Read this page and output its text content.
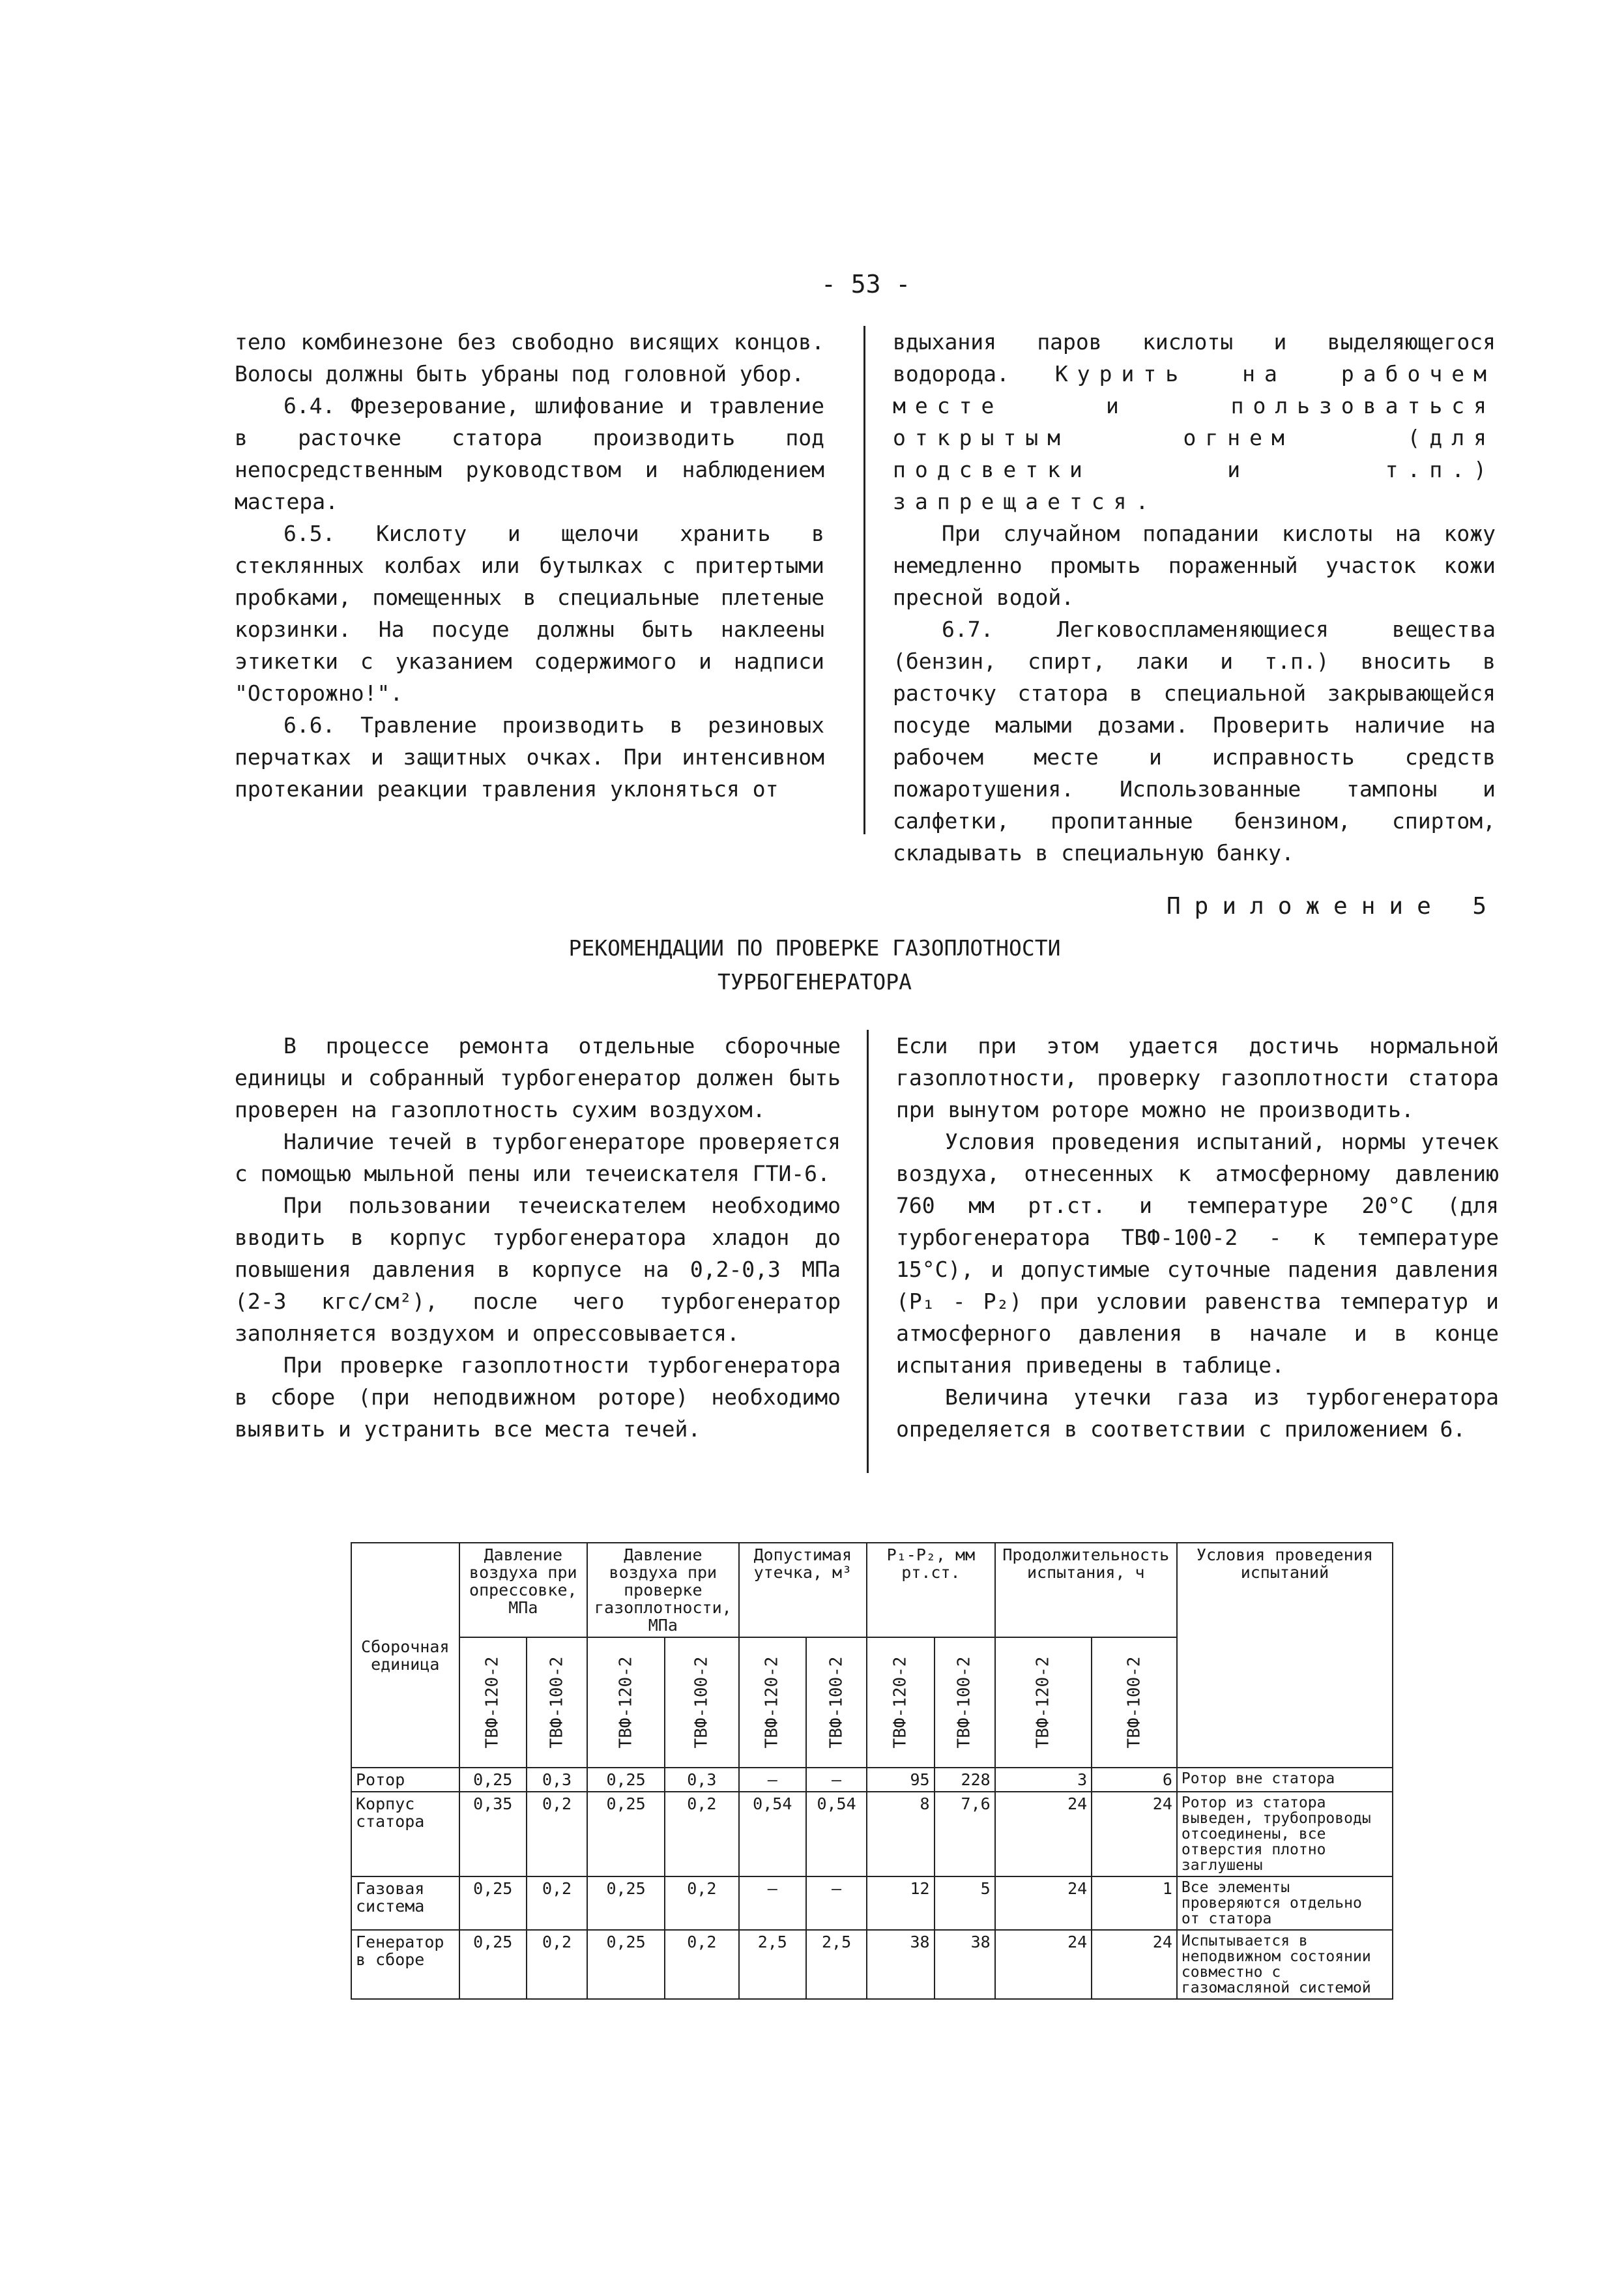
- 53 -

тело комбинезоне без свободно висящих концов. Волосы должны быть убраны под головной убор.

6.4. Фрезерование, шлифование и травление в расточке статора производить под непосредственным руководством и наблюдением мастера.

6.5. Кислоту и щелочи хранить в стеклянных колбах или бутылках с притертыми пробками, помещенных в специальные плетеные корзинки. На посуде должны быть наклеены этикетки с указанием содержимого и надписи "Осторожно!".

6.6. Травление производить в резиновых перчатках и защитных очках. При интенсивном протекании реакции травления уклоняться от

вдыхания паров кислоты и выделяющегося водорода. Курить на рабочем месте и пользоваться открытым огнем (для подсветки и т.п.) запрещается.

При случайном попадании кислоты на кожу немедленно промыть пораженный участок кожи пресной водой.

6.7. Легковоспламеняющиеся вещества (бензин, спирт, лаки и т.п.) вносить в расточку статора в специальной закрывающейся посуде малыми дозами. Проверить наличие на рабочем месте и исправность средств пожаротушения. Использованные тампоны и салфетки, пропитанные бензином, спиртом, складывать в специальную банку.

Приложение 5
РЕКОМЕНДАЦИИ ПО ПРОВЕРКЕ ГАЗОПЛОТНОСТИ
ТУРБОГЕНЕРАТОРА

В процессе ремонта отдельные сборочные единицы и собранный турбогенератор должен быть проверен на газоплотность сухим воздухом.

Наличие течей в турбогенераторе проверяется с помощью мыльной пены или течеискателя ГТИ-6.

При пользовании течеискателем необходимо вводить в корпус турбогенератора хладон до повышения давления в корпусе на 0,2-0,3 МПа (2-3 кгс/см²), после чего турбогенератор заполняется воздухом и опрессовывается.

При проверке газоплотности турбогенератора в сборе (при неподвижном роторе) необходимо выявить и устранить все места течей.

Если при этом удается достичь нормальной газоплотности, проверку газоплотности статора при вынутом роторе можно не производить.

Условия проведения испытаний, нормы утечек воздуха, отнесенных к атмосферному давлению 760 мм рт.ст. и температуре 20°С (для турбогенератора ТВФ-100-2 - к температуре 15°С), и допустимые суточные падения давления (P₁ - P₂) при условии равенства температур и атмосферного давления в начале и в конце испытания приведены в таблице.

Величина утечки газа из турбогенератора определяется в соответствии с приложением 6.

Сборочная единица	Давление воздуха при опрессовке, МПа		Давление воздуха при проверке газоплотности, МПа		Допустимая утечка, м³		P₁-P₂, мм рт.ст.		Продолжительность испытания, ч		Условия проведения испытаний

	ТВФ-120-2	ТВФ-100-2	ТВФ-120-2	ТВФ-100-2	ТВФ-120-2	ТВФ-100-2	ТВФ-120-2	ТВФ-100-2	ТВФ-120-2	ТВФ-100-2	

Ротор	0,25	0,3	0,25	0,3	–	–	95	228	3	6	Ротор вне статора
Корпус статора	0,35	0,2	0,25	0,2	0,54	0,54	8	7,6	24	24	Ротор из статора выведен, трубопроводы отсоединены, все отверстия плотно заглушены
Газовая система	0,25	0,2	0,25	0,2	–	–	12	5	24	1	Все элементы проверяются отдельно от статора
Генератор в сборе	0,25	0,2	0,25	0,2	2,5	2,5	38	38	24	24	Испытывается в неподвижном состоянии совместно с газомасляной системой
